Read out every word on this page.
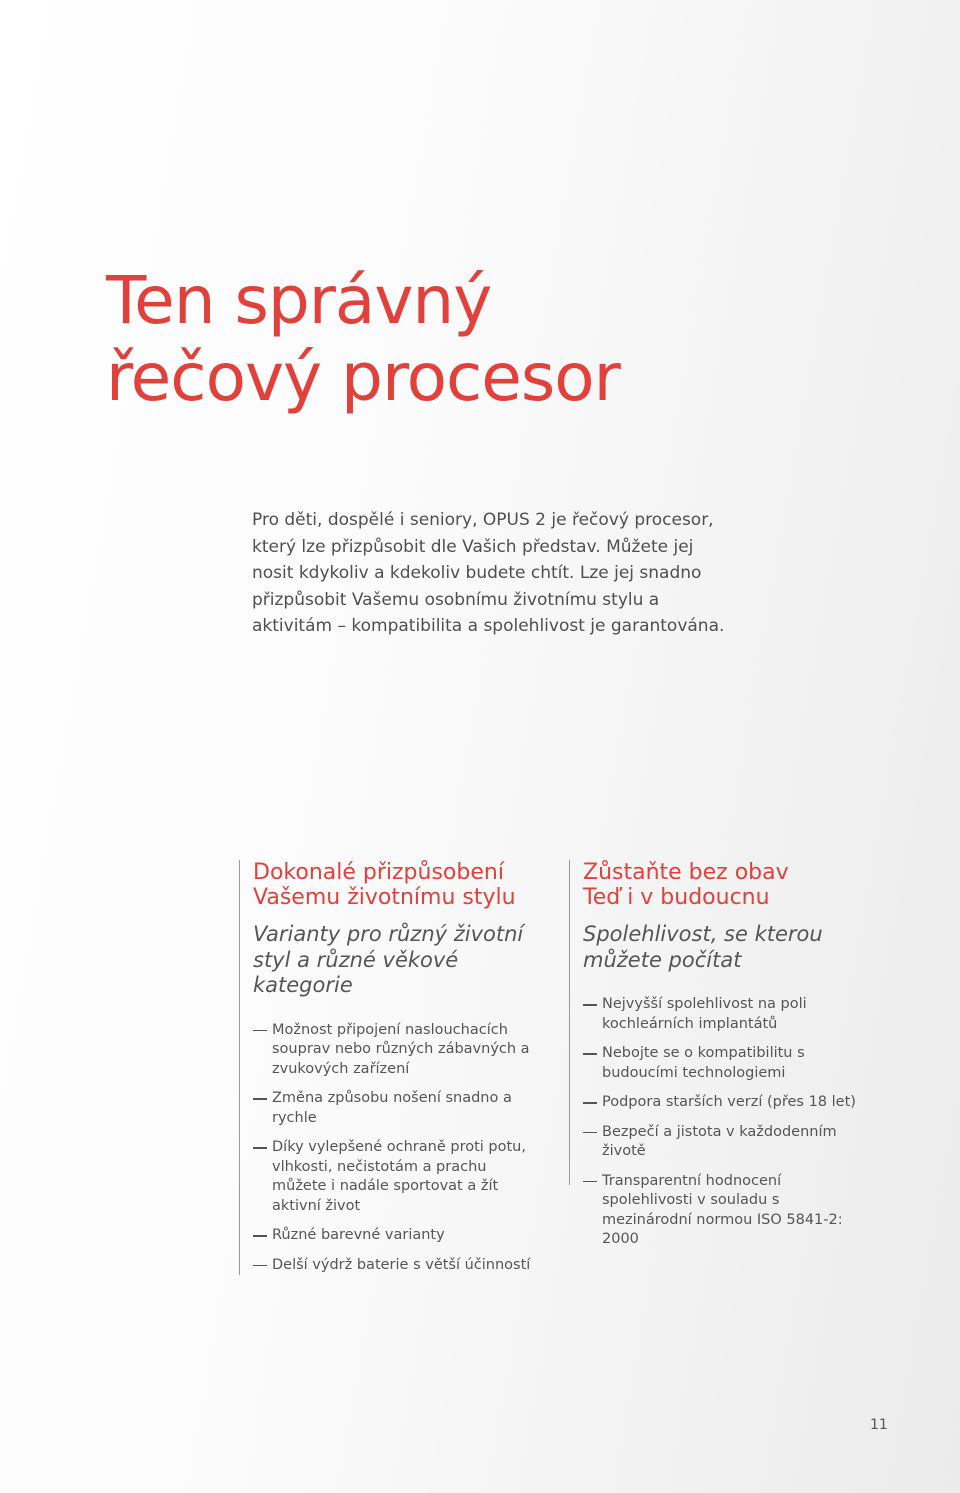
Ten správný
řečový procesor

Pro děti, dospělé i seniory, OPUS 2 je řečový procesor,
který lze přizpůsobit dle Vašich představ. Můžete jej
nosit kdykoliv a kdekoliv budete chtít. Lze jej snadno
přizpůsobit Vašemu osobnímu životnímu stylu a
aktivitám – kompatibilita a spolehlivost je garantována.

Dokonalé přizpůsobení
Vašemu životnímu stylu
Varianty pro různý životní
styl a různé věkové
kategorie
Možnost připojení naslouchacích
souprav nebo různých zábavných a
zvukových zařízení
Změna způsobu nošení snadno a
rychle
Díky vylepšené ochraně proti potu,
vlhkosti, nečistotám a prachu
můžete i nadále sportovat a žít
aktivní život
Různé barevné varianty
Delší výdrž baterie s větší účinností
Zůstaňte bez obav
Teď i v budoucnu
Spolehlivost, se kterou
můžete počítat
Nejvyšší spolehlivost na poli
kochleárních implantátů
Nebojte se o kompatibilitu s
budoucími technologiemi
Podpora starších verzí (přes 18 let)
Bezpečí a jistota v každodenním
životě
Transparentní hodnocení
spolehlivosti v souladu s
mezinárodní normou ISO 5841-2:
2000
11
